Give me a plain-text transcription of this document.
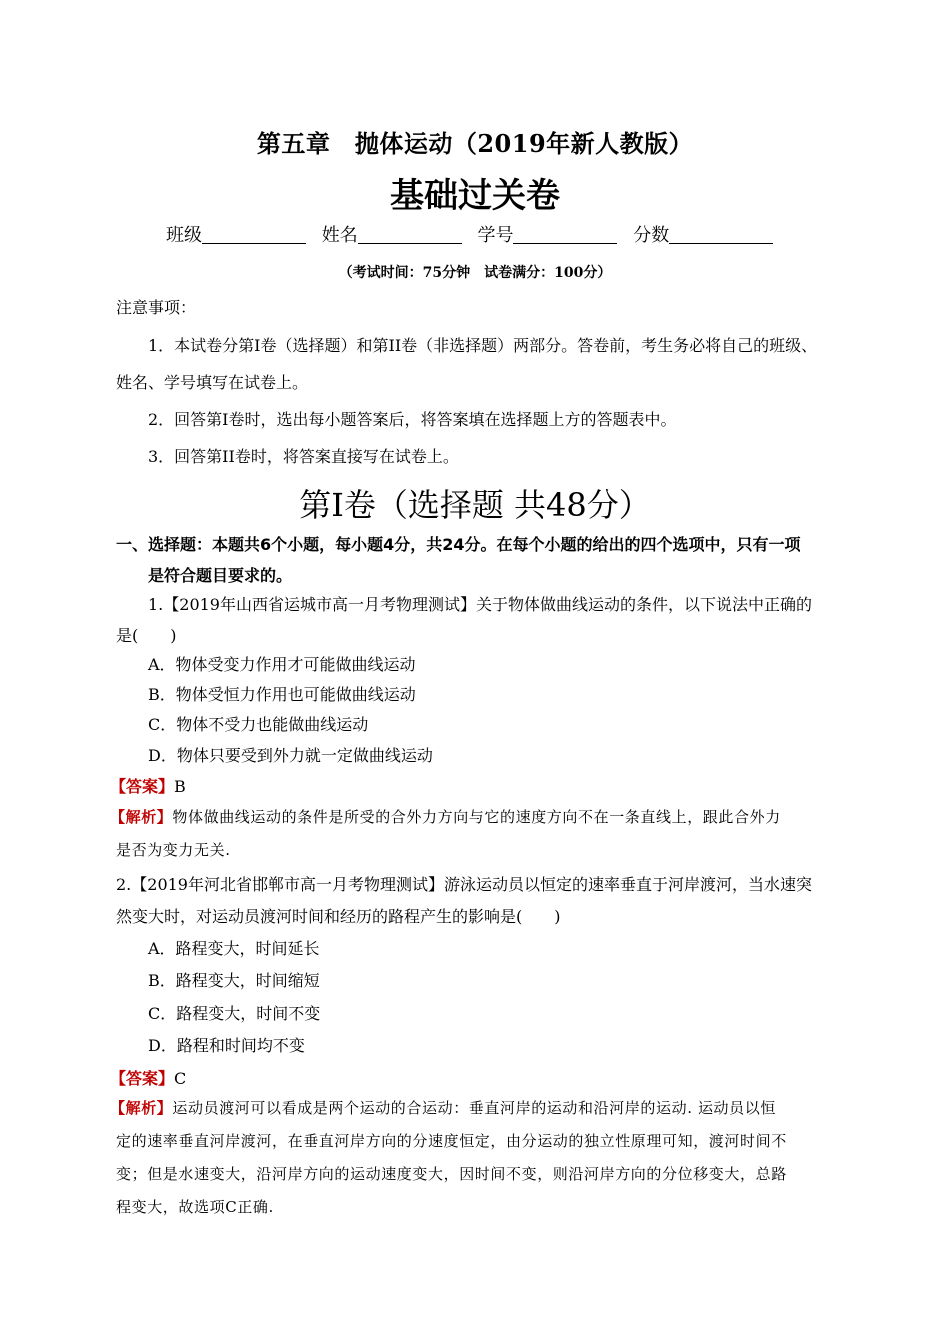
第五章　抛体运动（2019年新人教版）
基础过关卷
班级	姓名	学号	分数
（考试时间：75分钟　试卷满分：100分）
注意事项：
1．本试卷分第I卷（选择题）和第II卷（非选择题）两部分。答卷前，考生务必将自己的班级、
姓名、学号填写在试卷上。
2．回答第I卷时，选出每小题答案后，将答案填在选择题上方的答题表中。
3．回答第II卷时，将答案直接写在试卷上。
第I卷（选择题 共48分）
一、选择题：本题共6个小题，每小题4分，共24分。在每个小题的给出的四个选项中，只有一项
是符合题目要求的。
1.【2019年山西省运城市高一月考物理测试】关于物体做曲线运动的条件，以下说法中正确的
是(　　)
A．物体受变力作用才可能做曲线运动
B．物体受恒力作用也可能做曲线运动
C．物体不受力也能做曲线运动
D．物体只要受到外力就一定做曲线运动
【答案】B
【解析】物体做曲线运动的条件是所受的合外力方向与它的速度方向不在一条直线上，跟此合外力
是否为变力无关.
2.【2019年河北省邯郸市高一月考物理测试】游泳运动员以恒定的速率垂直于河岸渡河，当水速突
然变大时，对运动员渡河时间和经历的路程产生的影响是(　　)
A．路程变大，时间延长
B．路程变大，时间缩短
C．路程变大，时间不变
D．路程和时间均不变
【答案】C
【解析】运动员渡河可以看成是两个运动的合运动：垂直河岸的运动和沿河岸的运动. 运动员以恒
定的速率垂直河岸渡河，在垂直河岸方向的分速度恒定，由分运动的独立性原理可知，渡河时间不
变；但是水速变大，沿河岸方向的运动速度变大，因时间不变，则沿河岸方向的分位移变大，总路
程变大，故选项C正确.
